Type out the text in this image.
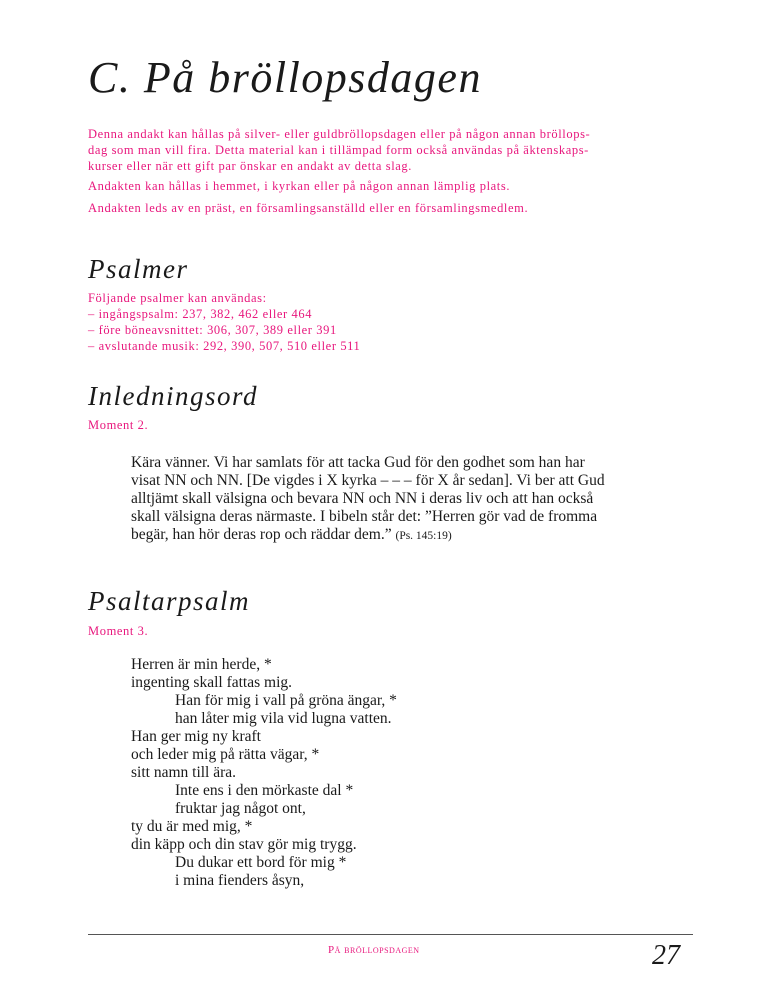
C. På bröllopsdagen
Denna andakt kan hållas på silver- eller guldbröllopsdagen eller på någon annan bröllops-
dag som man vill fira. Detta material kan i tillämpad form också användas på äktenskaps-
kurser eller när ett gift par önskar en andakt av detta slag.

Andakten kan hållas i hemmet, i kyrkan eller på någon annan lämplig plats.

Andakten leds av en präst, en församlingsanställd eller en församlingsmedlem.

Psalmer
Följande psalmer kan användas:
– ingångspsalm: 237, 382, 462 eller 464
– före böneavsnittet: 306, 307, 389 eller 391
– avslutande musik: 292, 390, 507, 510 eller 511
Inledningsord

Moment 2.

Kära vänner. Vi har samlats för att tacka Gud för den godhet som han har
visat NN och NN. [De vigdes i X kyrka – – – för X år sedan]. Vi ber att Gud
alltjämt skall välsigna och bevara NN och NN i deras liv och att han också
skall välsigna deras närmaste. I bibeln står det: ”Herren gör vad de fromma
begär, han hör deras rop och räddar dem.” (Ps. 145:19)
Psaltarpsalm

Moment 3.

Herren är min herde, *
ingenting skall fattas mig.
Han för mig i vall på gröna ängar, *
han låter mig vila vid lugna vatten.
Han ger mig ny kraft
och leder mig på rätta vägar, *
sitt namn till ära.
Inte ens i den mörkaste dal *
fruktar jag något ont,
ty du är med mig, *
din käpp och din stav gör mig trygg.
Du dukar ett bord för mig *
i mina fienders åsyn,

På bröllopsdagen	27
